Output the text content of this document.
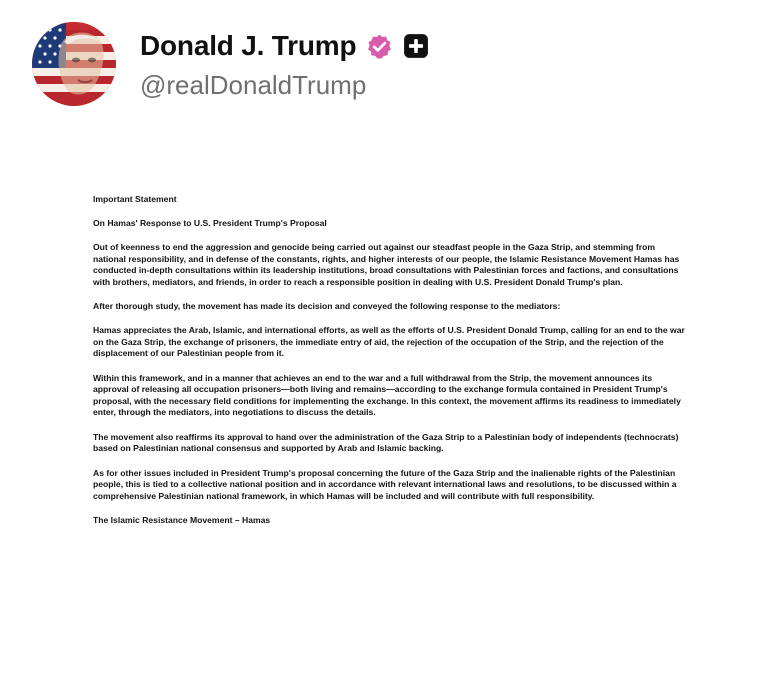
Donald J. Trump
@realDonaldTrump

Important Statement

On Hamas' Response to U.S. President Trump's Proposal

Out of keenness to end the aggression and genocide being carried out against our steadfast people in the Gaza Strip, and stemming from national responsibility, and in defense of the constants, rights, and higher interests of our people, the Islamic Resistance Movement Hamas has conducted in-depth consultations within its leadership institutions, broad consultations with Palestinian forces and factions, and consultations with brothers, mediators, and friends, in order to reach a responsible position in dealing with U.S. President Donald Trump's plan.

After thorough study, the movement has made its decision and conveyed the following response to the mediators:

Hamas appreciates the Arab, Islamic, and international efforts, as well as the efforts of U.S. President Donald Trump, calling for an end to the war on the Gaza Strip, the exchange of prisoners, the immediate entry of aid, the rejection of the occupation of the Strip, and the rejection of the displacement of our Palestinian people from it.

Within this framework, and in a manner that achieves an end to the war and a full withdrawal from the Strip, the movement announces its approval of releasing all occupation prisoners—both living and remains—according to the exchange formula contained in President Trump's proposal, with the necessary field conditions for implementing the exchange. In this context, the movement affirms its readiness to immediately enter, through the mediators, into negotiations to discuss the details.

The movement also reaffirms its approval to hand over the administration of the Gaza Strip to a Palestinian body of independents (technocrats) based on Palestinian national consensus and supported by Arab and Islamic backing.

As for other issues included in President Trump's proposal concerning the future of the Gaza Strip and the inalienable rights of the Palestinian people, this is tied to a collective national position and in accordance with relevant international laws and resolutions, to be discussed within a comprehensive Palestinian national framework, in which Hamas will be included and will contribute with full responsibility.

The Islamic Resistance Movement – Hamas
